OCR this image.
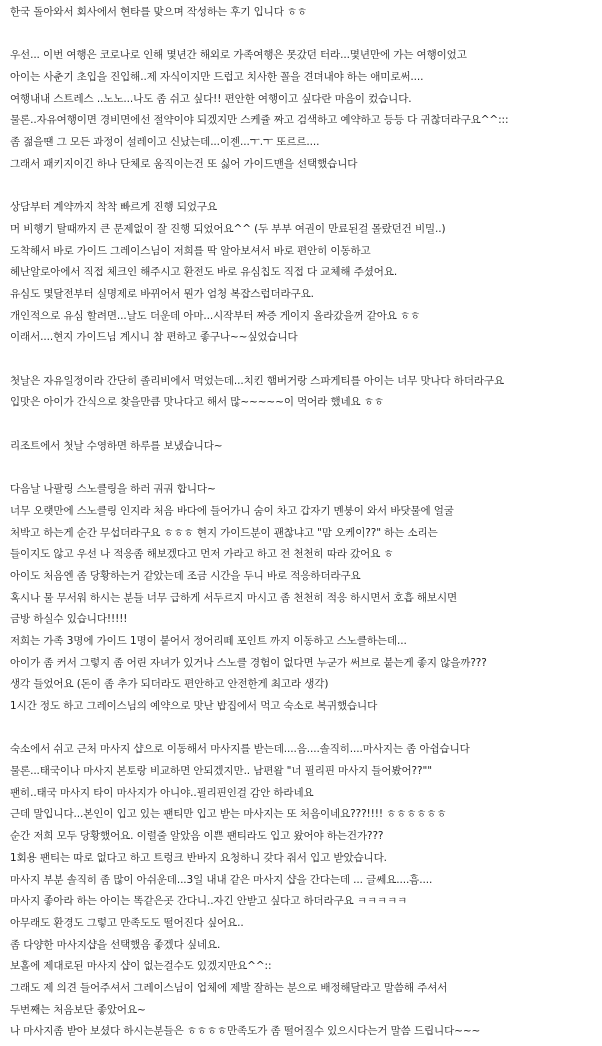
한국 돌아와서 회사에서 현타를 맞으며 작성하는 후기 입니다 ㅎㅎ
우선... 이번 여행은 코로나로 인해 몇년간 해외로 가족여행은 못갔던 터라...몇년만에 가는 여행이었고
아이는 사춘기 초입을 진입해..제 자식이지만 드럽고 치사한 꼴을 견뎌내야 하는 애미로써....
여행내내 스트레스 ..노노...나도 좀 쉬고 싶다!! 편안한 여행이고 싶다란 마음이 컸습니다.
물론..자유여행이면 경비면에선 절약이야 되겠지만 스케쥴 짜고 검색하고 예약하고 등등 다 귀찮더라구요^^:::
좀 젊을땐 그 모든 과정이 설레이고 신났는데...이젠...ㅜ.ㅜ 또르르....
그래서 패키지이긴 하나 단체로 움직이는건 또 싫어 가이드맨을 선택했습니다
상담부터 계약까지 착착 빠르게 진행 되었구요
머 비행기 탈때까지 큰 문제없이 잘 진행 되었어요^^ (두 부부 여권이 만료된걸 몰랐던건 비밀..)
도착해서 바로 가이드 그레이스님이 저희를 딱 알아보셔서 바로 편안히 이동하고
헤난알로아에서 직접 체크인 해주시고 환전도 바로 유심칩도 직접 다 교체해 주셨어요.
유심도 몇달전부터 실명제로 바뀌어서 뭔가 엄청 복잡스럽더라구요.
개인적으로 유심 할려면...날도 더운데 아마...시작부터 짜증 게이지 올라갔을꺼 같아요 ㅎㅎ
이래서....현지 가이드님 계시니 참 편하고 좋구나~~싶었습니다
첫날은 자유일정이라 간단히 졸리비에서 먹었는데...치킨 햄버거랑 스파게티를 아이는 너무 맛나다 하더라구요
입맛은 아이가 간식으로 찾을만큼 맛나다고 해서 많~~~~~이 먹어라 했네요 ㅎㅎ
리조트에서 첫날 수영하면 하루를 보냈습니다~
다음날 나팔링 스노클링을 하러 궈궈 합니다~
너무 오랫만에 스노클링 인지라 처음 바다에 들어가니 숨이 차고 갑자기 멘붕이 와서 바닷물에 얼굴
처박고 하는게 순간 무섭더라구요 ㅎㅎㅎ 현지 가이드분이 괜찮냐고 "맘 오케이??" 하는 소리는
들이지도 않고 우선 나 적응좀 해보겠다고 먼저 가라고 하고 전 천천히 따라 갔어요 ㅎ
아이도 처음엔 좀 당황하는거 같았는데 조금 시간을 두니 바로 적응하더라구요
혹시나 물 무서워 하시는 분들 너무 급하게 서두르지 마시고 좀 천천히 적응 하시면서 호흡 해보시면
금방 하실수 있습니다!!!!!
저희는 가족 3명에 가이드 1명이 붙어서 정어리떼 포인트 까지 이동하고 스노클하는데...
아이가 좀 커서 그렇지 좀 어린 자녀가 있거나 스노클 경험이 없다면 누군가 써브로 붙는게 좋지 않을까???
생각 들었어요 (돈이 좀 추가 되더라도 편안하고 안전한게 최고라 생각)
1시간 정도 하고 그레이스님의 예약으로 맛난 밥집에서 먹고 숙소로 복귀했습니다
숙소에서 쉬고 근처 마사지 샵으로 이동해서 마사지를 받는데....음....솔직히....마사지는 좀 아쉽습니다
물론...태국이나 마사지 본토랑 비교하면 안되겠지만.. 남편왈 "너 필리핀 마사지 들어봤어??""
팬히..태국 마사지 타이 마사지가 아니야..필리핀인걸 감안 하라네요
근데 말입니다...본인이 입고 있는 팬티만 입고 받는 마사지는 또 처음이네요???!!!! ㅎㅎㅎㅎㅎㅎ
순간 저희 모두 당황했어요. 이럴줄 알았음 이쁜 팬티라도 입고 왔어야 하는건가???
1회용 팬티는 따로 없다고 하고 트렁크 반바지 요청하니 갖다 줘서 입고 받았습니다.
마사지 부분 솔직히 좀 많이 아쉬운데...3일 내내 같은 마사지 샵을 간다는데 ... 글쎄요....흠....
마사지 좋아라 하는 아이는 똑같은곳 간다니..자긴 안받고 싶다고 하더라구요 ㅋㅋㅋㅋㅋ
아무래도 환경도 그렇고 만족도도 떨어진다 싶어요..
좀 다양한 마사지샵을 선택했음 좋겠다 싶네요.
보홀에 제대로된 마사지 샵이 없는걸수도 있겠지만요^^::
그래도 제 의견 들어주셔서 그레이스님이 업체에 제발 잘하는 분으로 배정해달라고 말씀해 주셔서
두번째는 처음보단 좋았어요~
나 마사지좀 받아 보셨다 하시는분들은 ㅎㅎㅎㅎ만족도가 좀 떨어질수 있으시다는거 말씀 드립니다~~~
